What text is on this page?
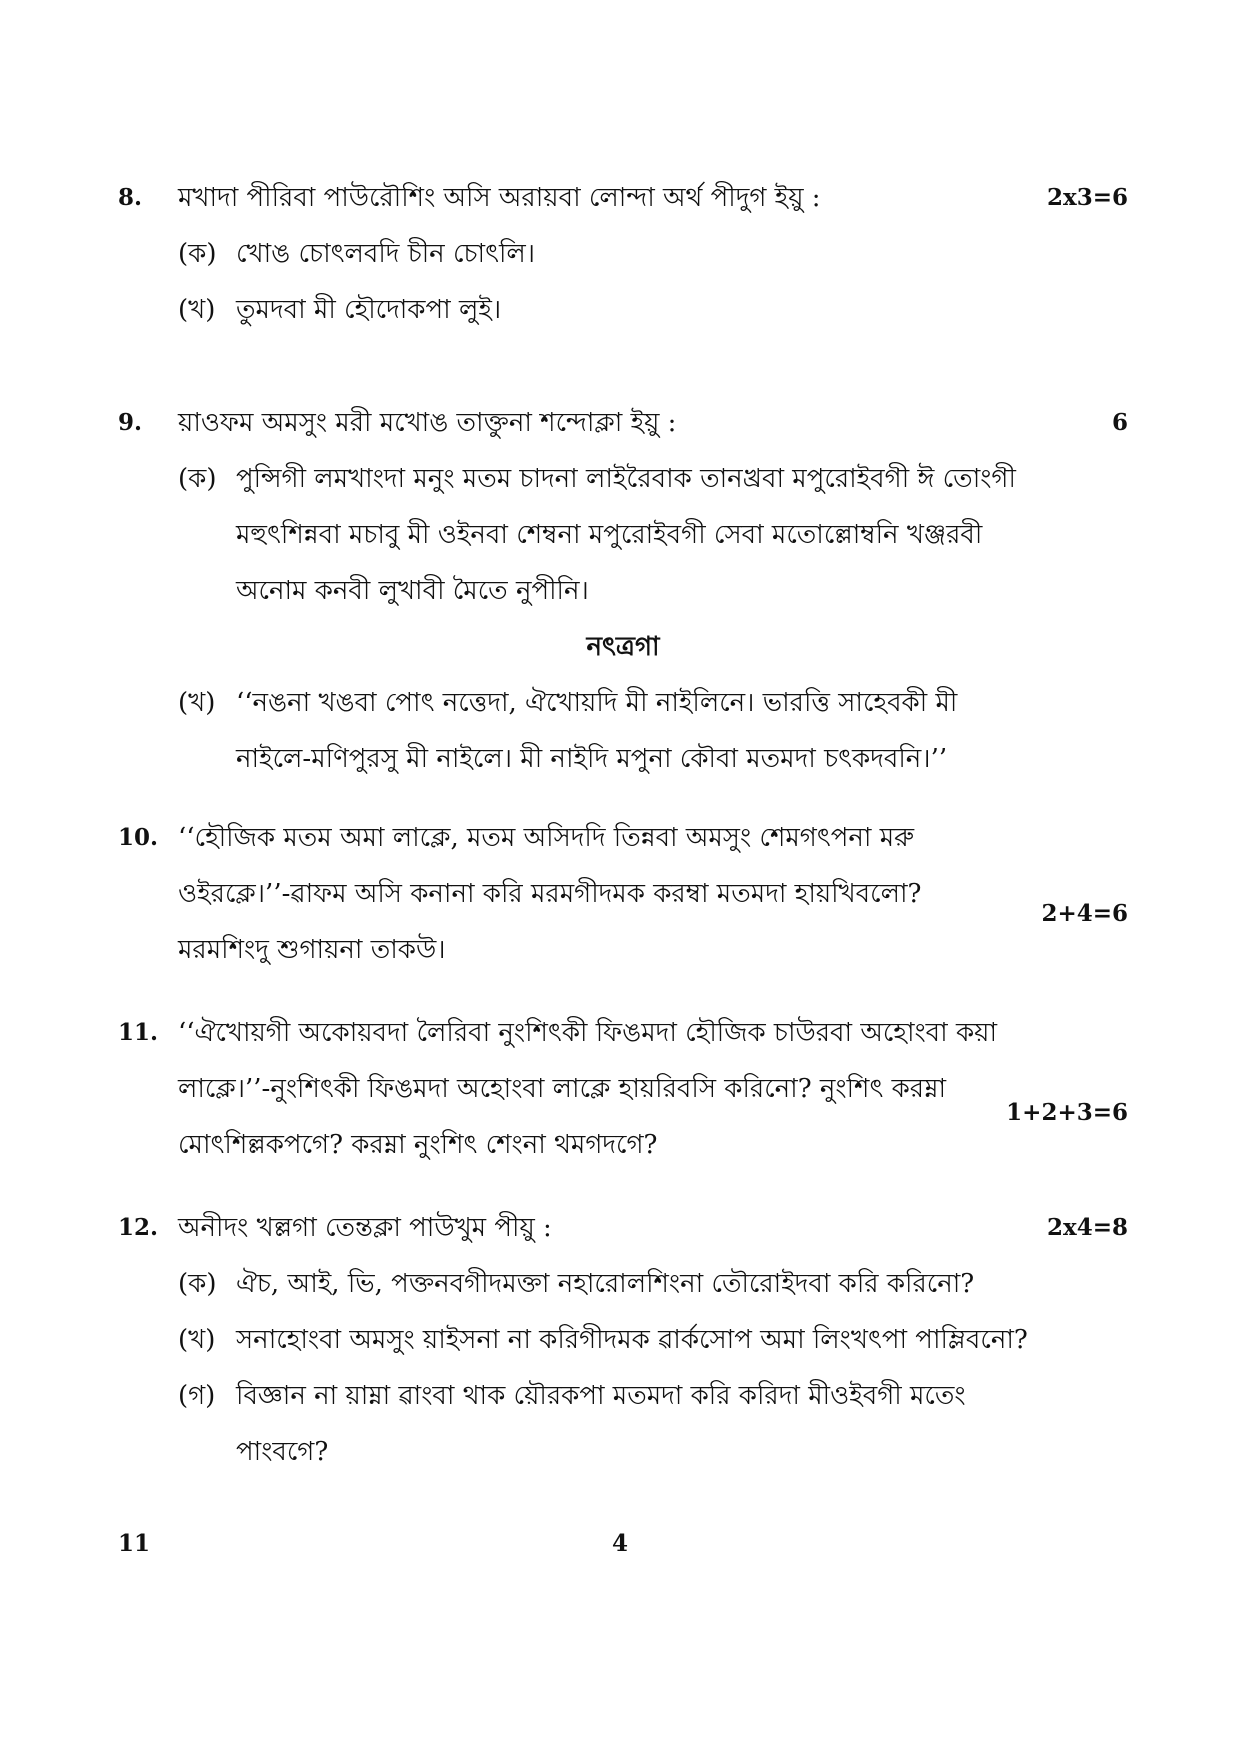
8. মখাদা পীরিবা পাউরৌশিং অসি অরায়বা লোন্দা অর্থ পীদুগ ইয়ু :	2x3=6
(ক) খোঙ চোৎলবদি চীন চোৎলি।
(খ) তুমদবা মী হৌদোকপা লুই।
9. য়াওফম অমসুং মরী মখোঙ তাক্তুনা শন্দোক্লা ইয়ু :	6
(ক) পুন্সিগী লমখাংদা মনুং মতম চাদনা লাইরৈবাক তানখ্রবা মপুরোইবগী ঈ তোংগী
মহুৎশিন্নবা মচাবু মী ওইনবা শেম্বনা মপুরোইবগী সেবা মতোল্লোম্বনি খঞ্জরবী
অনোম কনবী লুখাবী মৈতে নুপীনি।
নৎত্রগা
(খ) ‘‘নঙনা খঙবা পোৎ নত্তেদা, ঐখোয়দি মী নাইলিনে। ভারত্তি সাহেবকী মী
নাইলে-মণিপুরসু মী নাইলে। মী নাইদি মপুনা কৌবা মতমদা চৎকদবনি।’’
10. ‘‘হৌজিক মতম অমা লাক্লে, মতম অসিদদি তিন্নবা অমসুং শেমগৎপনা মরু
ওইরক্লে।’’-ৱাফম অসি কনানা করি মরমগীদমক করম্বা মতমদা হায়খিবলো?
মরমশিংদু শুগায়না তাকউ।
2+4=6
11. ‘‘ঐখোয়গী অকোয়বদা লৈরিবা নুংশিৎকী ফিঙমদা হৌজিক চাউরবা অহোংবা কয়া
লাক্লে।’’-নুংশিৎকী ফিঙমদা অহোংবা লাক্লে হায়রিবসি করিনো? নুংশিৎ করম্না
মোৎশিল্লকপগে? করম্না নুংশিৎ শেংনা থমগদগে?
1+2+3=6
12. অনীদং খল্লগা তেন্তক্লা পাউখুম পীয়ু :	2x4=8
(ক) ঐচ, আই, ভি, পক্তনবগীদমক্তা নহারোলশিংনা তৌরোইদবা করি করিনো?
(খ) সনাহোংবা অমসুং য়াইসনা না করিগীদমক ৱার্কসোপ অমা লিংখৎপা পাম্লিবনো?
(গ) বিজ্ঞান না য়াম্না ৱাংবা থাক য়ৌরকপা মতমদা করি করিদা মীওইবগী মতেং
পাংবগে?
11	4
